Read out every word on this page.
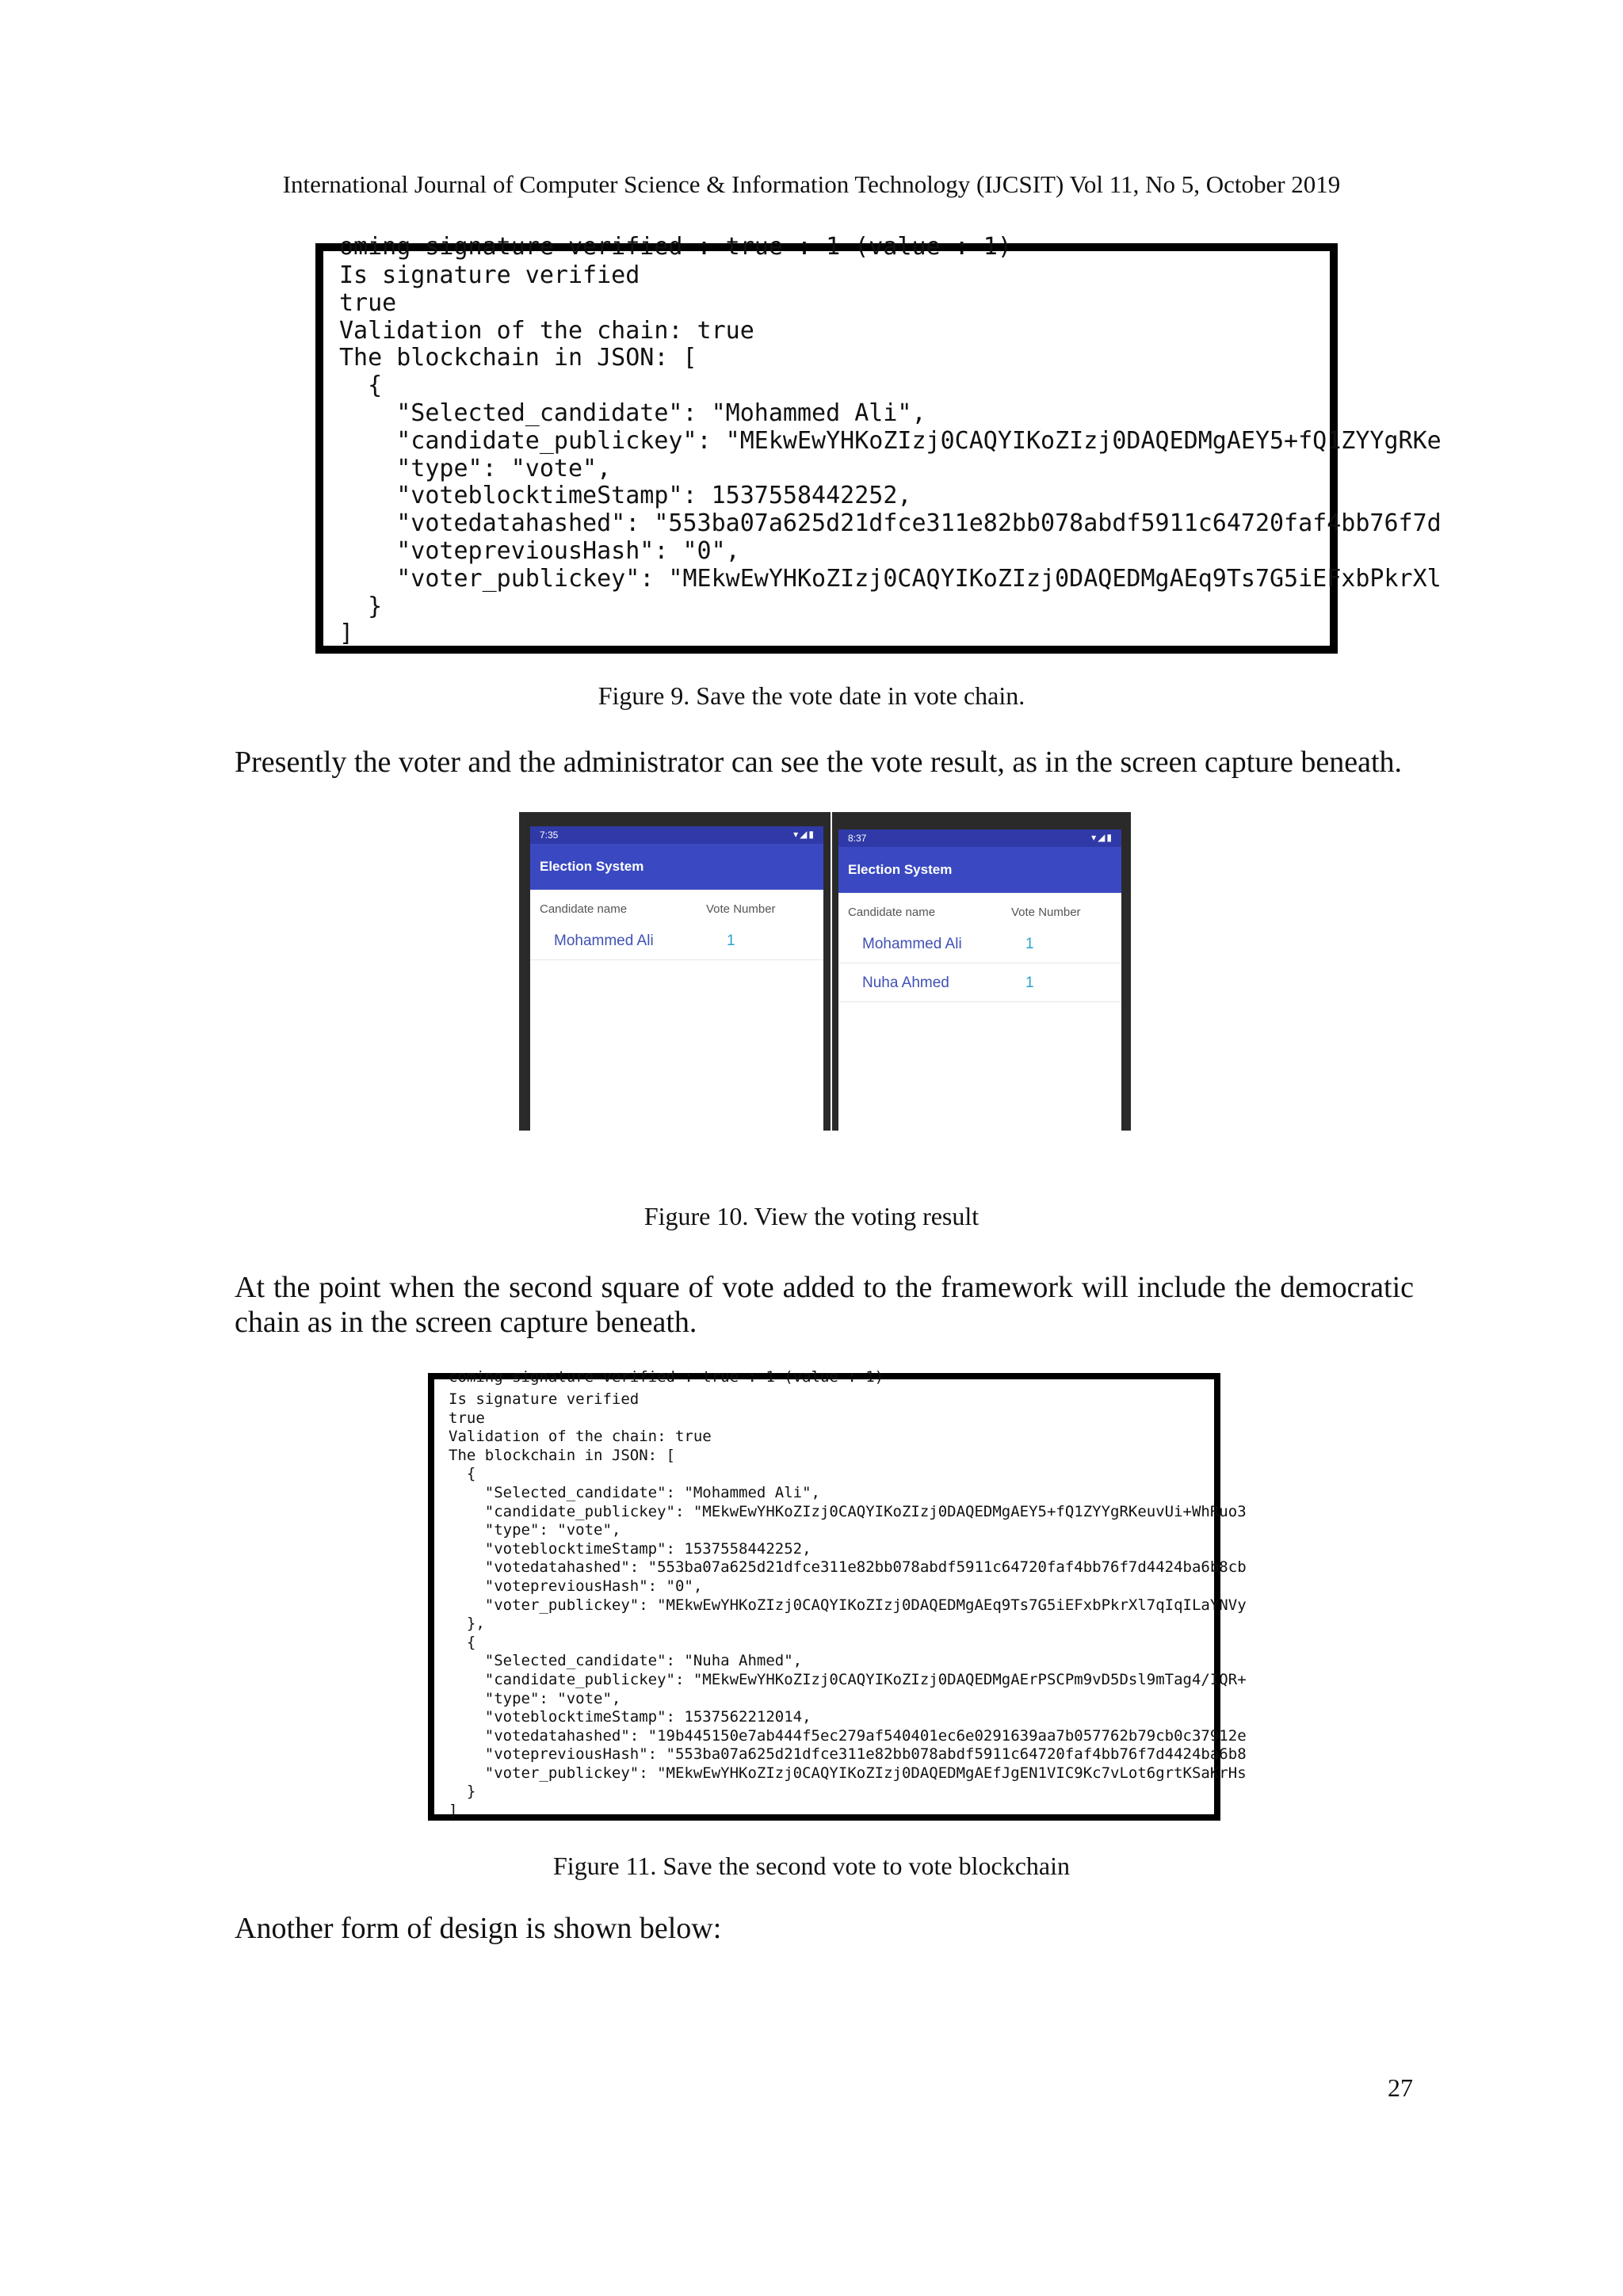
International Journal of Computer Science & Information Technology (IJCSIT) Vol 11, No 5, October 2019
oming signature verified : true : 1 (value : 1)
Is signature verified
true
Validation of the chain: true
The blockchain in JSON: [
{
"Selected_candidate": "Mohammed Ali",
"candidate_publickey": "MEkwEwYHKoZIzj0CAQYIKoZIzj0DAQEDMgAEY5+fQ1ZYYgRKe
"type": "vote",
"voteblocktimeStamp": 1537558442252,
"votedatahashed": "553ba07a625d21dfce311e82bb078abdf5911c64720faf4bb76f7d
"votepreviousHash": "0",
"voter_publickey": "MEkwEwYHKoZIzj0CAQYIKoZIzj0DAQEDMgAEq9Ts7G5iEFxbPkrXl
}
]
Figure 9. Save the vote date in vote chain.
Presently the voter and the administrator can see the vote result, as in the screen capture beneath.
7:35	▾◢▮
Election System
Candidate name	Vote Number
Mohammed Ali	1
8:37	▾◢▮
Election System
Candidate name	Vote Number
Mohammed Ali	1
Nuha Ahmed	1
Figure 10. View the voting result
At the point when the second square of vote added to the framework will include the democratic chain as in the screen capture beneath.
coming signature verified : true : 1 (value : 1)
Is signature verified
true
Validation of the chain: true
The blockchain in JSON: [
{
"Selected_candidate": "Mohammed Ali",
"candidate_publickey": "MEkwEwYHKoZIzj0CAQYIKoZIzj0DAQEDMgAEY5+fQ1ZYYgRKeuvUi+WhRuo3
"type": "vote",
"voteblocktimeStamp": 1537558442252,
"votedatahashed": "553ba07a625d21dfce311e82bb078abdf5911c64720faf4bb76f7d4424ba6b8cb
"votepreviousHash": "0",
"voter_publickey": "MEkwEwYHKoZIzj0CAQYIKoZIzj0DAQEDMgAEq9Ts7G5iEFxbPkrXl7qIqILaYNVy
},
{
"Selected_candidate": "Nuha Ahmed",
"candidate_publickey": "MEkwEwYHKoZIzj0CAQYIKoZIzj0DAQEDMgAErPSCPm9vD5Dsl9mTag4/IQR+
"type": "vote",
"voteblocktimeStamp": 1537562212014,
"votedatahashed": "19b445150e7ab444f5ec279af540401ec6e0291639aa7b057762b79cb0c37912e
"votepreviousHash": "553ba07a625d21dfce311e82bb078abdf5911c64720faf4bb76f7d4424ba6b8
"voter_publickey": "MEkwEwYHKoZIzj0CAQYIKoZIzj0DAQEDMgAEfJgEN1VIC9Kc7vLot6grtKSaKrHs
}
]
Figure 11. Save the second vote to vote blockchain
Another form of design is shown below:
27
